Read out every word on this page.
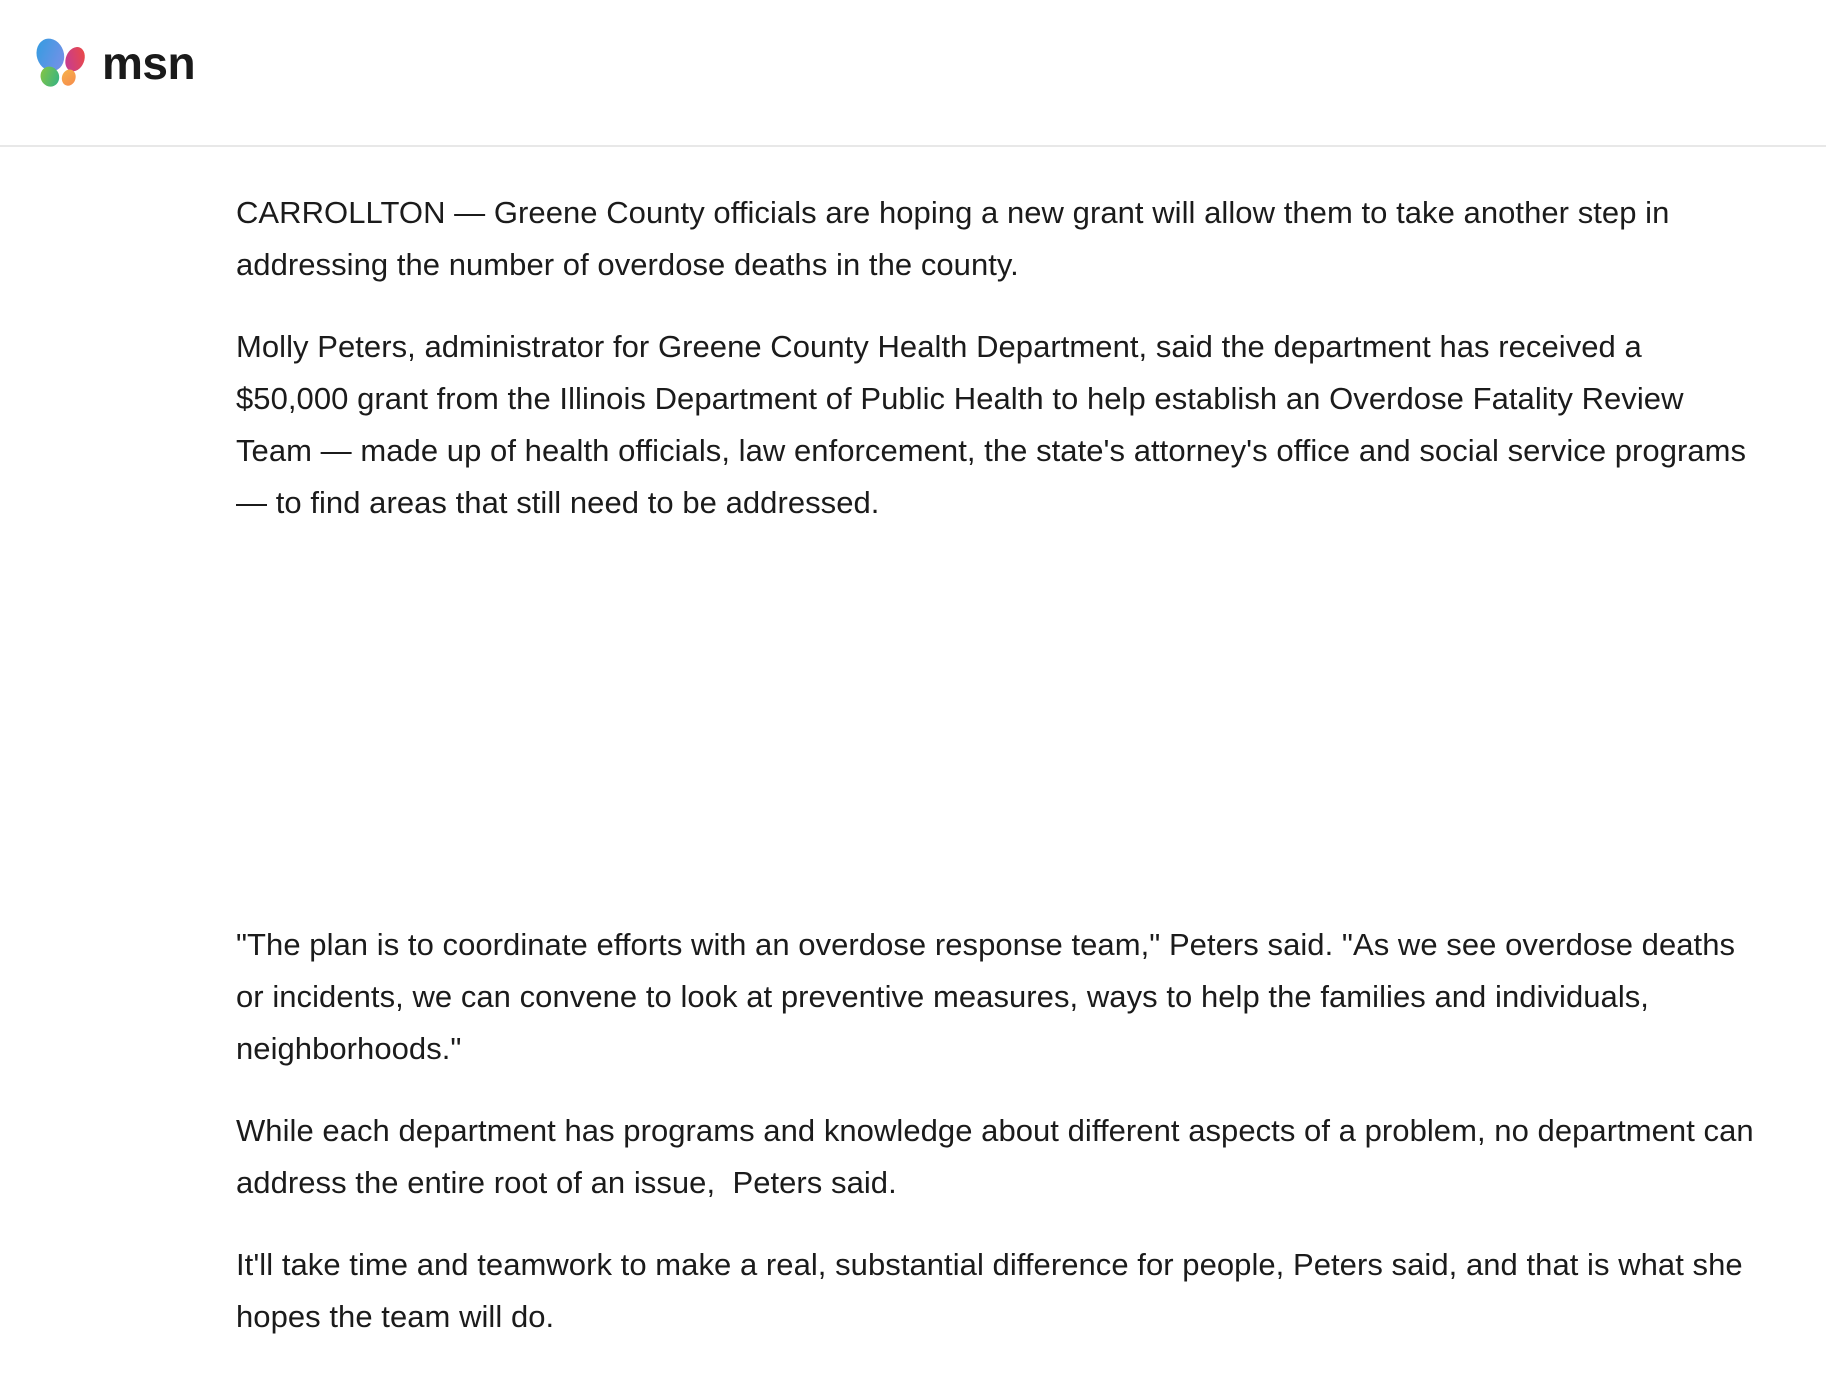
msn

CARROLLTON — Greene County officials are hoping a new grant will allow them to take another step in addressing the number of overdose deaths in the county.

Molly Peters, administrator for Greene County Health Department, said the department has received a $50,000 grant from the Illinois Department of Public Health to help establish an Overdose Fatality Review Team — made up of health officials, law enforcement, the state's attorney's office and social service programs — to find areas that still need to be addressed.

"The plan is to coordinate efforts with an overdose response team," Peters said. "As we see overdose deaths or incidents, we can convene to look at preventive measures, ways to help the families and individuals, neighborhoods."

While each department has programs and knowledge about different aspects of a problem, no department can address the entire root of an issue,  Peters said.

It'll take time and teamwork to make a real, substantial difference for people, Peters said, and that is what she hopes the team will do.
